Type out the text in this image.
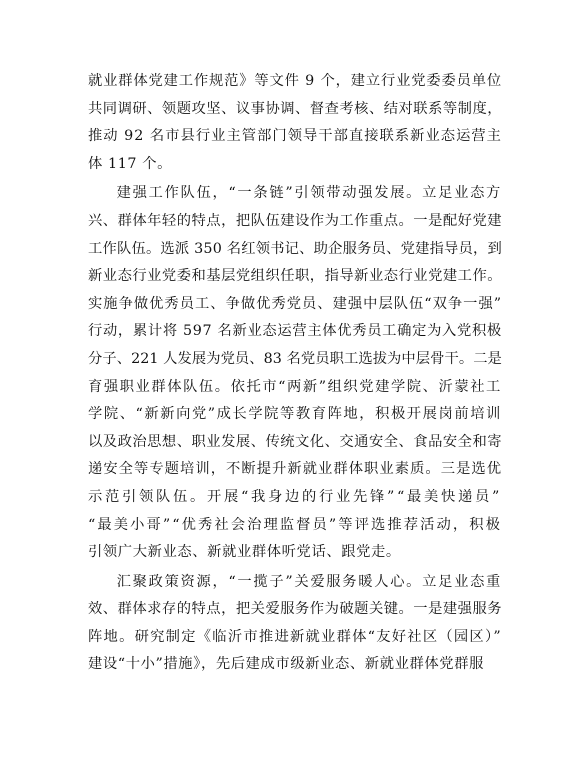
就业群体党建工作规范》等文件 9 个，建立行业党委委员单位
共同调研、领题攻坚、议事协调、督查考核、结对联系等制度，
推动 92 名市县行业主管部门领导干部直接联系新业态运营主
体 117 个。

建强工作队伍，“一条链”引领带动强发展。立足业态方
兴、群体年轻的特点，把队伍建设作为工作重点。一是配好党建
工作队伍。选派 350 名红领书记、助企服务员、党建指导员，到
新业态行业党委和基层党组织任职，指导新业态行业党建工作。
实施争做优秀员工、争做优秀党员、建强中层队伍“双争一强”
行动，累计将 597 名新业态运营主体优秀员工确定为入党积极
分子、221 人发展为党员、83 名党员职工选拔为中层骨干。二是
育强职业群体队伍。依托市“两新”组织党建学院、沂蒙社工
学院、“新新向党”成长学院等教育阵地，积极开展岗前培训
以及政治思想、职业发展、传统文化、交通安全、食品安全和寄
递安全等专题培训，不断提升新就业群体职业素质。三是选优
示范引领队伍。开展“我身边的行业先锋”“最美快递员”
“最美小哥”“优秀社会治理监督员”等评选推荐活动，积极
引领广大新业态、新就业群体听党话、跟党走。

汇聚政策资源，“一揽子”关爱服务暖人心。立足业态重
效、群体求存的特点，把关爱服务作为破题关键。一是建强服务
阵地。研究制定《临沂市推进新就业群体“友好社区（园区）”
建设“十小”措施》，先后建成市级新业态、新就业群体党群服
